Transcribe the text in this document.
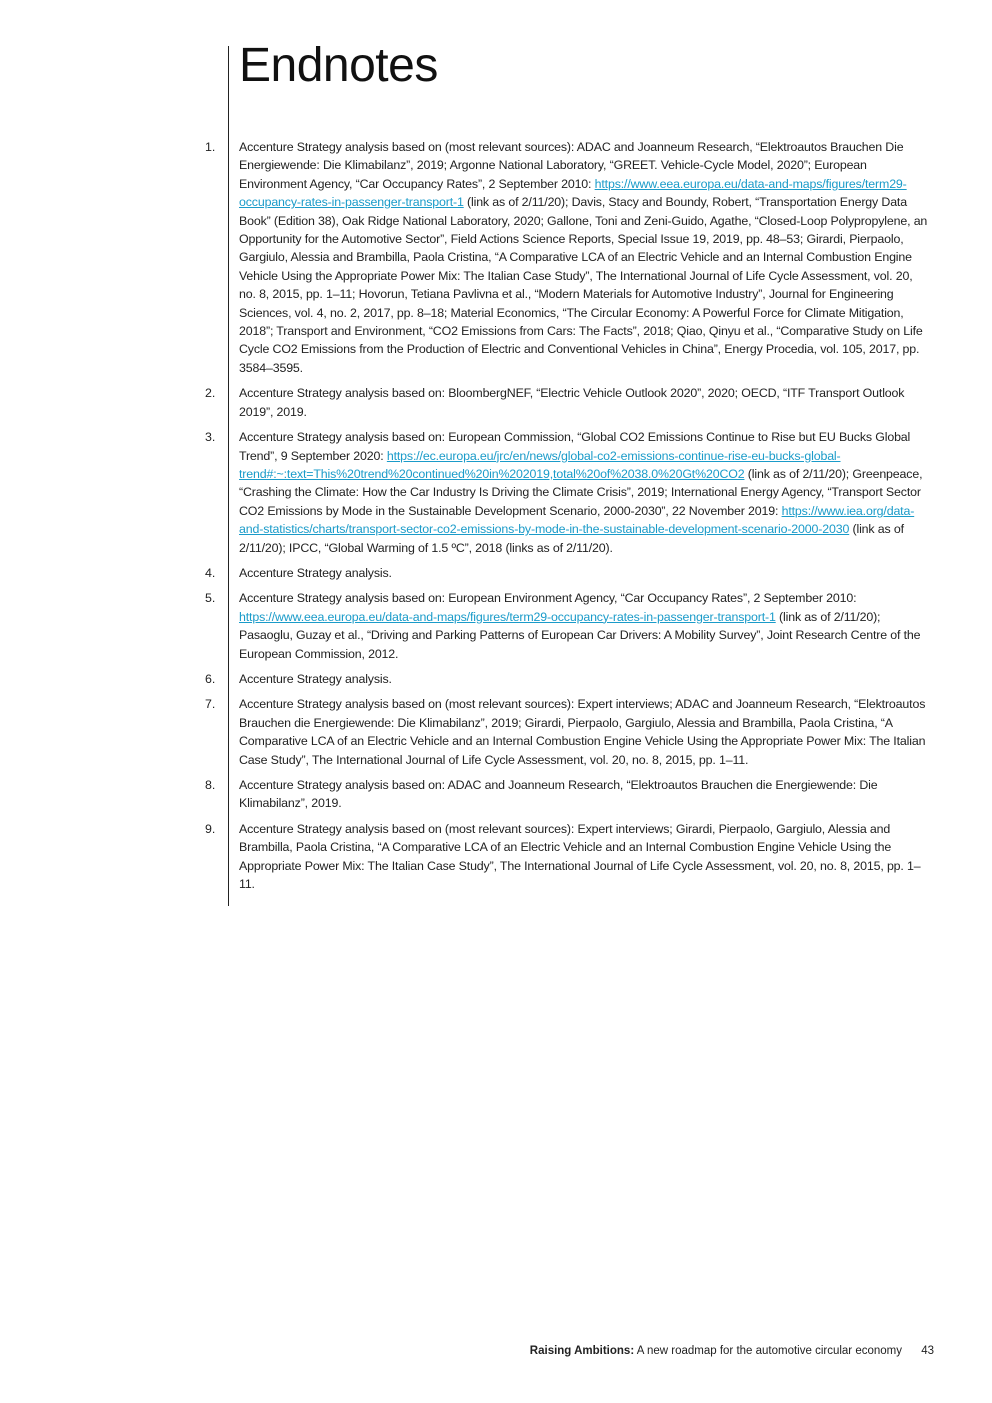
Endnotes
1. Accenture Strategy analysis based on (most relevant sources): ADAC and Joanneum Research, “Elektroautos Brauchen Die Energiewende: Die Klimabilanz”, 2019; Argonne National Laboratory, “GREET. Vehicle-Cycle Model, 2020”; European Environment Agency, “Car Occupancy Rates”, 2 September 2010: https://www.eea.europa.eu/data-and-maps/figures/term29-occupancy-rates-in-passenger-transport-1 (link as of 2/11/20); Davis, Stacy and Boundy, Robert, “Transportation Energy Data Book” (Edition 38), Oak Ridge National Laboratory, 2020; Gallone, Toni and Zeni-Guido, Agathe, “Closed-Loop Polypropylene, an Opportunity for the Automotive Sector”, Field Actions Science Reports, Special Issue 19, 2019, pp. 48–53; Girardi, Pierpaolo, Gargiulo, Alessia and Brambilla, Paola Cristina, “A Comparative LCA of an Electric Vehicle and an Internal Combustion Engine Vehicle Using the Appropriate Power Mix: The Italian Case Study”, The International Journal of Life Cycle Assessment, vol. 20, no. 8, 2015, pp. 1–11; Hovorun, Tetiana Pavlivna et al., “Modern Materials for Automotive Industry”, Journal for Engineering Sciences, vol. 4, no. 2, 2017, pp. 8–18; Material Economics, “The Circular Economy: A Powerful Force for Climate Mitigation, 2018”; Transport and Environment, “CO2 Emissions from Cars: The Facts”, 2018; Qiao, Qinyu et al., “Comparative Study on Life Cycle CO2 Emissions from the Production of Electric and Conventional Vehicles in China”, Energy Procedia, vol. 105, 2017, pp. 3584–3595.
2. Accenture Strategy analysis based on: BloombergNEF, “Electric Vehicle Outlook 2020”, 2020; OECD, “ITF Transport Outlook 2019”, 2019.
3. Accenture Strategy analysis based on: European Commission, “Global CO2 Emissions Continue to Rise but EU Bucks Global Trend”, 9 September 2020: https://ec.europa.eu/jrc/en/news/global-co2-emissions-continue-rise-eu-bucks-global-trend#:~:text=This%20trend%20continued%20in%202019,total%20of%2038.0%20Gt%20CO2 (link as of 2/11/20); Greenpeace, “Crashing the Climate: How the Car Industry Is Driving the Climate Crisis”, 2019; International Energy Agency, “Transport Sector CO2 Emissions by Mode in the Sustainable Development Scenario, 2000-2030”, 22 November 2019: https://www.iea.org/data-and-statistics/charts/transport-sector-co2-emissions-by-mode-in-the-sustainable-development-scenario-2000-2030 (link as of 2/11/20); IPCC, “Global Warming of 1.5 ºC”, 2018 (links as of 2/11/20).
4. Accenture Strategy analysis.
5. Accenture Strategy analysis based on: European Environment Agency, “Car Occupancy Rates”, 2 September 2010: https://www.eea.europa.eu/data-and-maps/figures/term29-occupancy-rates-in-passenger-transport-1 (link as of 2/11/20); Pasaoglu, Guzay et al., “Driving and Parking Patterns of European Car Drivers: A Mobility Survey”, Joint Research Centre of the European Commission, 2012.
6. Accenture Strategy analysis.
7. Accenture Strategy analysis based on (most relevant sources): Expert interviews; ADAC and Joanneum Research, “Elektroautos Brauchen die Energiewende: Die Klimabilanz”, 2019; Girardi, Pierpaolo, Gargiulo, Alessia and Brambilla, Paola Cristina, “A Comparative LCA of an Electric Vehicle and an Internal Combustion Engine Vehicle Using the Appropriate Power Mix: The Italian Case Study”, The International Journal of Life Cycle Assessment, vol. 20, no. 8, 2015, pp. 1–11.
8. Accenture Strategy analysis based on: ADAC and Joanneum Research, “Elektroautos Brauchen die Energiewende: Die Klimabilanz”, 2019.
9. Accenture Strategy analysis based on (most relevant sources): Expert interviews; Girardi, Pierpaolo, Gargiulo, Alessia and Brambilla, Paola Cristina, “A Comparative LCA of an Electric Vehicle and an Internal Combustion Engine Vehicle Using the Appropriate Power Mix: The Italian Case Study”, The International Journal of Life Cycle Assessment, vol. 20, no. 8, 2015, pp. 1–11.
Raising Ambitions: A new roadmap for the automotive circular economy 43
